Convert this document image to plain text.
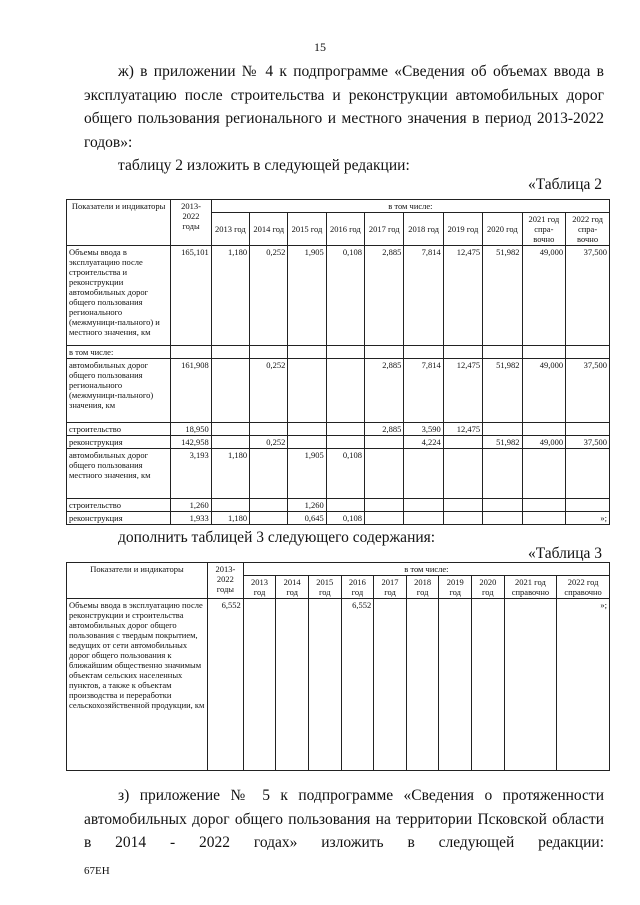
15
ж) в приложении № 4 к подпрограмме «Сведения об объемах ввода в эксплуатацию после строительства и реконструкции автомобильных дорог общего пользования регионального и местного значения в период 2013-2022 годов»:
таблицу 2 изложить в следующей редакции:
«Таблица 2
Показатели и индикаторы	2013-2022 годы	в том числе:									
		2013 год	2014 год	2015 год	2016 год	2017 год	2018 год	2019 год	2020 год	2021 год спра-вочно	2022 год спра-вочно
Объемы ввода в эксплуатацию после строительства и реконструкции автомобильных дорог общего пользования регионального (межмуници-пального) и местного значения, км	165,101	1,180	0,252	1,905	0,108	2,885	7,814	12,475	51,982	49,000	37,500
в том числе:											
автомобильных дорог общего пользования регионального (межмуници-пального) значения, км	161,908		0,252			2,885	7,814	12,475	51,982	49,000	37,500
строительство	18,950					2,885	3,590	12,475			
реконструкция	142,958		0,252				4,224		51,982	49,000	37,500
автомобильных дорог общего пользования местного значения, км	3,193	1,180		1,905	0,108						
строительство	1,260			1,260							
реконструкция	1,933	1,180		0,645	0,108						»;
дополнить таблицей 3 следующего содержания:
«Таблица 3
Показатели и индикаторы	2013-2022 годы	в том числе:									
		2013 год	2014 год	2015 год	2016 год	2017 год	2018 год	2019 год	2020 год	2021 год справочно	2022 год справочно
Объемы ввода в эксплуатацию после реконструкции и строительства автомобильных дорог общего пользования с твердым покрытием, ведущих от сети автомобильных дорог общего пользования к ближайшим общественно значимым объектам сельских населенных пунктов, а также к объектам производства и переработки сельскохозяйственной продукции, км	6,552				6,552						»;
з) приложение № 5 к подпрограмме «Сведения о протяженности автомобильных дорог общего пользования на территории Псковской области в 2014 - 2022 годах» изложить в следующей редакции:
67ЕН
